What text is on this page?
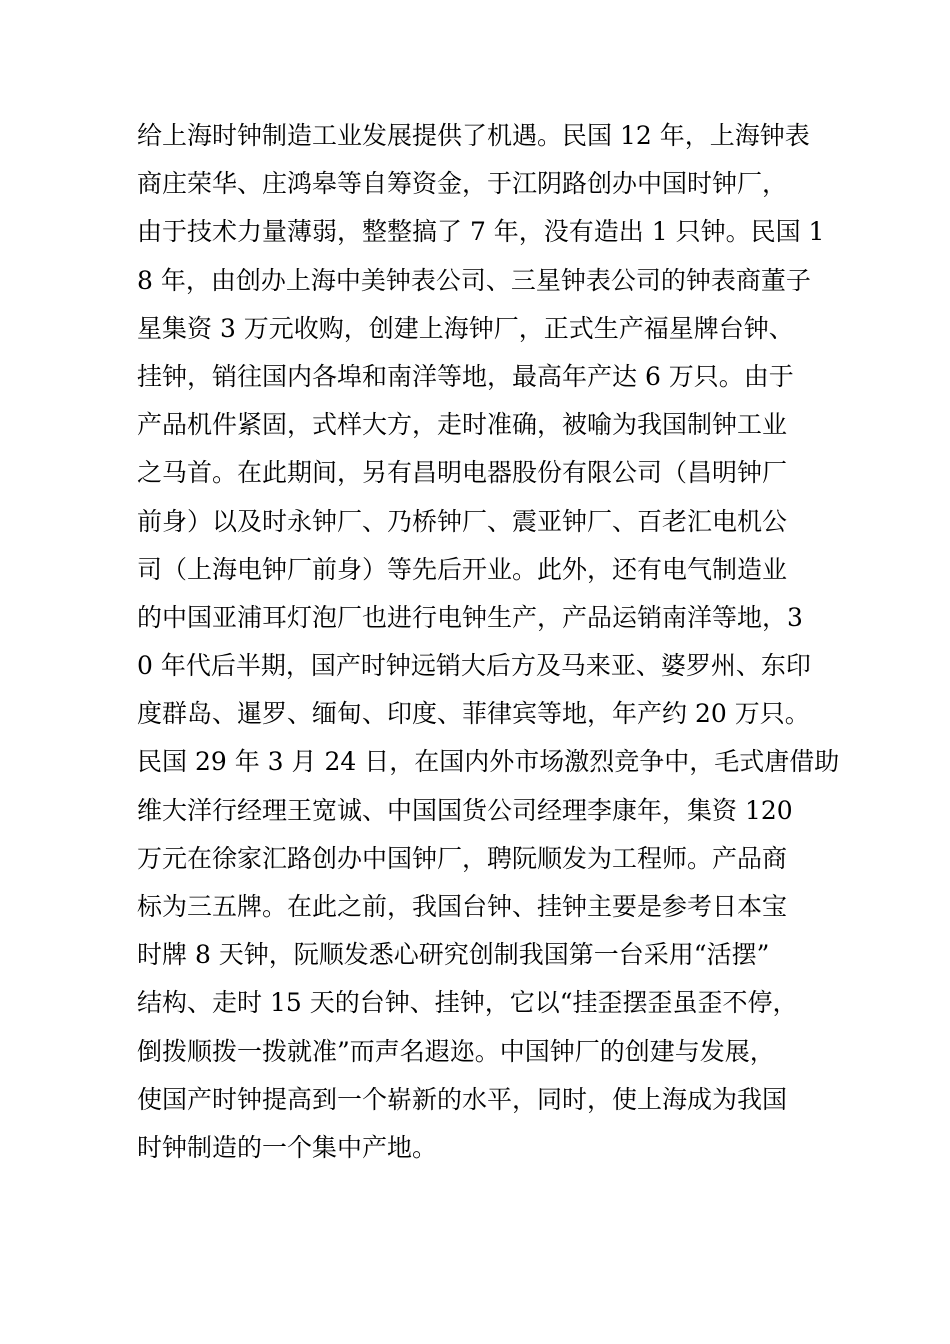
给上海时钟制造工业发展提供了机遇。民国 12 年，上海钟表
商庄荣华、庄鸿皋等自筹资金，于江阴路创办中国时钟厂，
由于技术力量薄弱，整整搞了 7 年，没有造出 1 只钟。民国 1
8 年，由创办上海中美钟表公司、三星钟表公司的钟表商董子
星集资 3 万元收购，创建上海钟厂，正式生产福星牌台钟、
挂钟，销往国内各埠和南洋等地，最高年产达 6 万只。由于
产品机件紧固，式样大方，走时准确，被喻为我国制钟工业
之马首。在此期间，另有昌明电器股份有限公司（昌明钟厂
前身）以及时永钟厂、乃桥钟厂、震亚钟厂、百老汇电机公
司（上海电钟厂前身）等先后开业。此外，还有电气制造业
的中国亚浦耳灯泡厂也进行电钟生产，产品运销南洋等地，3
0 年代后半期，国产时钟远销大后方及马来亚、婆罗州、东印
度群岛、暹罗、缅甸、印度、菲律宾等地，年产约 20 万只。
民国 29 年 3 月 24 日，在国内外市场激烈竞争中，毛式唐借助
维大洋行经理王宽诚、中国国货公司经理李康年，集资 120
万元在徐家汇路创办中国钟厂，聘阮顺发为工程师。产品商
标为三五牌。在此之前，我国台钟、挂钟主要是参考日本宝
时牌 8 天钟，阮顺发悉心研究创制我国第一台采用“活摆”
结构、走时 15 天的台钟、挂钟，它以“挂歪摆歪虽歪不停，
倒拨顺拨一拨就准”而声名遐迩。中国钟厂的创建与发展，
使国产时钟提高到一个崭新的水平，同时，使上海成为我国
时钟制造的一个集中产地。
